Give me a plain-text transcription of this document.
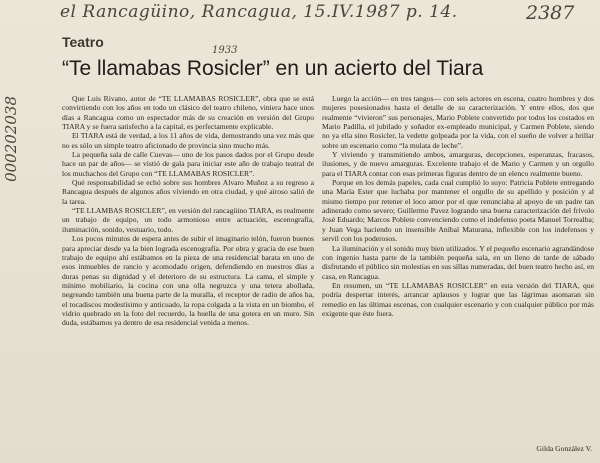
el Rancagüino, Rancagua, 15.IV.1987 p. 14.	2387
1933
000202038
Teatro
“Te llamabas Rosicler” en un acierto del Tiara

Que Luis Rivano, autor de “TE LLAMABAS ROSICLER”, obra que se está convirtiendo con los años en todo un clásico del teatro chileno, viniera hace unos días a Rancagua como un espectador más de su creación en versión del Grupo TIARA y se fuera satisfecho a la capital, es perfectamente explicable.

El TIARA está de verdad, a los 11 años de vida, demostrando una vez más que no es sólo un simple teatro aficionado de provincia sino mucho más.

La pequeña sala de calle Cuevas— uno de los pasos dados por el Grupo desde hace un par de años— se vistió de gala para iniciar este año de trabajo teatral de los muchachos del Grupo con “TE LLAMABAS ROSICLER”.

Qué responsabilidad se echó sobre sus hombres Alvaro Muñoz a su regreso a Rancagua después de algunos años viviendo en otra ciudad, y qué airoso salió de la tarea.

“TE LLAMBAS ROSICLER”, en versión del rancagüino TIARA, es realmente un trabajo de equipo, un todo armonioso entre actuación, escenografía, iluminación, sonido, vestuario, todo.

Los pocos minutos de espera antes de subir el imaginario telón, fueron buenos para apreciar desde ya la bien lograda escenografía. Por obra y gracia de ese buen trabajo de equipo ahí estábamos en la pieza de una residencial barata en uno de esos inmuebles de rancio y acomodado origen, defendiendo en nuestros días a duras penas su dignidad y el deterioro de su estructura. La cama, el simple y mínimo mobiliario, la cocina con una olla negruzca y una tetera abollada, negreando también una buena parte de la muralla, el receptor de radio de años ha, el tocadiscos modestísimo y anticuado, la ropa colgada a la vista en un biombo, el vidrio quebrado en la foto del recuerdo, la huella de una gotera en un muro. Sin duda, estábamos ya dentro de esa residencial venida a menos.

Luego la acción— en tres tangos— con seis actores en escena, cuatro hombres y dos mujeres posesionados hasta el detalle de su caracterización. Y entre ellos, dos que realmente “vivieron” sus personajes, Mario Poblete convertido por todos los costados en Mario Padilla, el jubilado y soñador ex-empleado municipal, y Carmen Poblete, siendo no ya ella sino Rosicler, la vedette golpeada por la vida, con el sueño de volver a brillar sobre un escenario como “la mulata de leche”.

Y viviendo y transmitiendo ambos, amarguras, decepciones, esperanzas, fracasos, ilusiones, y de nuevo amarguras. Excelente trabajo el de Mario y Carmen y un orgullo para el TIARA contar con esas primeras figuras dentro de un elenco realmente bueno.

Porque en los demás papeles, cada cual cumplió lo suyo: Patricia Poblete entregando una María Ester que luchaba por mantener el orgullo de su apellido y posición y al mismo tiempo por retener el loco amor por el que renunciaba al apoyo de un padre tan adinerado como severo; Guillermo Pavez logrando una buena caracterización del frívolo José Eduardo; Marcos Poblete convenciendo como el indefenso poeta Manuel Torrealba; y Juan Vega haciendo un insensible Aníbal Maturana, inflexible con los indefensos y servil con los poderosos.

La iluminación y el sonido muy bien utilizados. Y el pequeño escenario agrandándose con ingenio hasta parte de la también pequeña sala, en un lleno de tarde de sábado disfrutando el público sin molestias en sus sillas numeradas, del buen teatro hecho así, en casa, en Rancagua.

En resumen, un “TE LLAMABAS ROSICLER” en esta versión del TIARA, que podría despertar interés, arrancar aplausos y lograr que las lágrimas asomaran sin remedio en las últimas escenas, con cualquier escenario y con cualquier público por más exigente que éste fuera.

Gilda González V.
